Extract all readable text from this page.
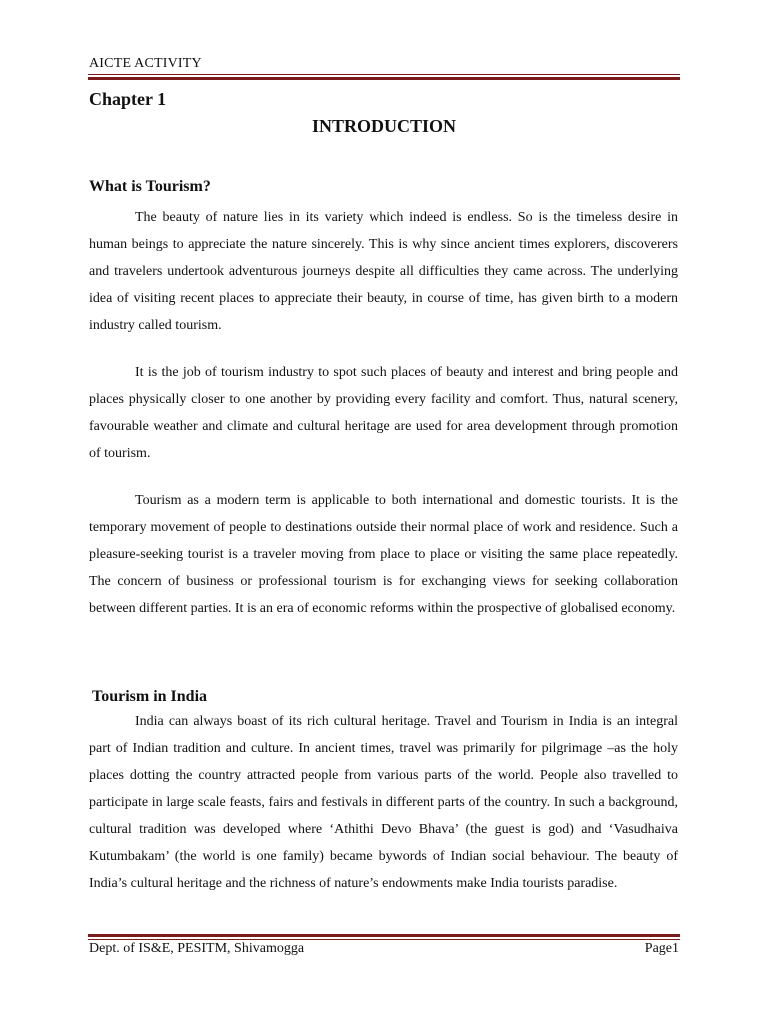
AICTE ACTIVITY
Chapter 1
INTRODUCTION
What is Tourism?

The beauty of nature lies in its variety which indeed is endless. So is the timeless desire in human beings to appreciate the nature sincerely. This is why since ancient times explorers, discoverers and travelers undertook adventurous journeys despite all difficulties they came across. The underlying idea of visiting recent places to appreciate their beauty, in course of time, has given birth to a modern industry called tourism.

It is the job of tourism industry to spot such places of beauty and interest and bring people and places physically closer to one another by providing every facility and comfort. Thus, natural scenery, favourable weather and climate and cultural heritage are used for area development through promotion of tourism.

Tourism as a modern term is applicable to both international and domestic tourists. It is the temporary movement of people to destinations outside their normal place of work and residence. Such a pleasure-seeking tourist is a traveler moving from place to place or visiting the same place repeatedly. The concern of business or professional tourism is for exchanging views for seeking collaboration between different parties. It is an era of economic reforms within the prospective of globalised economy.

Tourism in India

India can always boast of its rich cultural heritage. Travel and Tourism in India is an integral part of Indian tradition and culture. In ancient times, travel was primarily for pilgrimage –as the holy places dotting the country attracted people from various parts of the world. People also travelled to participate in large scale feasts, fairs and festivals in different parts of the country. In such a background, cultural tradition was developed where ‘Athithi Devo Bhava’ (the guest is god) and ‘Vasudhaiva Kutumbakam’ (the world is one family) became bywords of Indian social behaviour. The beauty of India’s cultural heritage and the richness of nature’s endowments make India tourists paradise.

Dept. of IS&E, PESITM, Shivamogga	Page1
